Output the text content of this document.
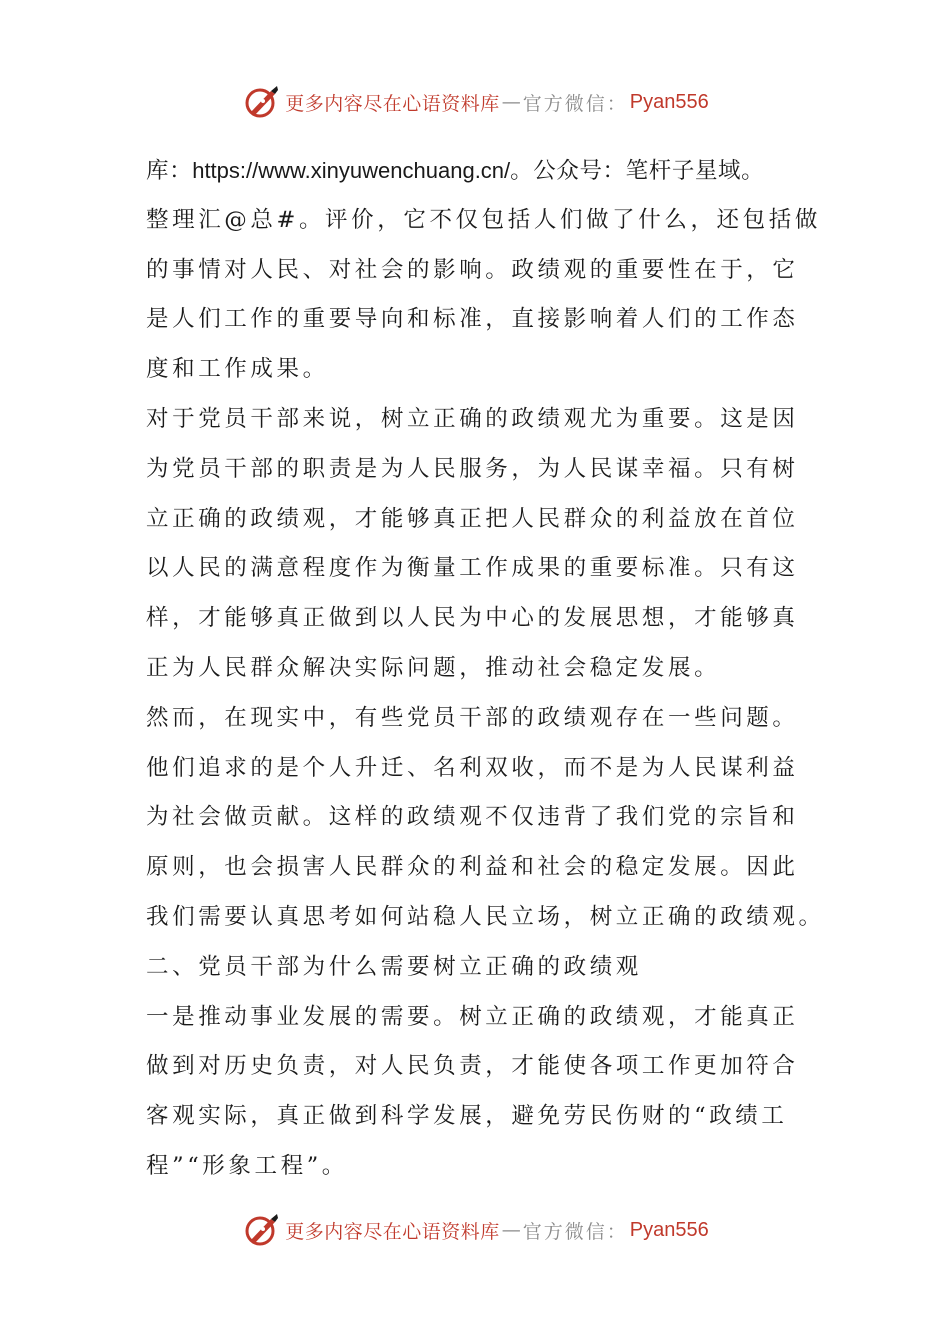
更多内容尽在心语资料库 — 官方微信： Pyan556
库：https://www.xinyuwenchuang.cn/。公众号：笔杆子星域。
整理汇@总#。评价，它不仅包括人们做了什么，还包括做
的事情对人民、对社会的影响。政绩观的重要性在于，它
是人们工作的重要导向和标准，直接影响着人们的工作态
度和工作成果。
对于党员干部来说，树立正确的政绩观尤为重要。这是因
为党员干部的职责是为人民服务，为人民谋幸福。只有树
立正确的政绩观，才能够真正把人民群众的利益放在首位
以人民的满意程度作为衡量工作成果的重要标准。只有这
样，才能够真正做到以人民为中心的发展思想，才能够真
正为人民群众解决实际问题，推动社会稳定发展。
然而，在现实中，有些党员干部的政绩观存在一些问题。
他们追求的是个人升迁、名利双收，而不是为人民谋利益
为社会做贡献。这样的政绩观不仅违背了我们党的宗旨和
原则，也会损害人民群众的利益和社会的稳定发展。因此
我们需要认真思考如何站稳人民立场，树立正确的政绩观。
二、党员干部为什么需要树立正确的政绩观
一是推动事业发展的需要。树立正确的政绩观，才能真正
做到对历史负责，对人民负责，才能使各项工作更加符合
客观实际，真正做到科学发展，避免劳民伤财的“政绩工
程”“形象工程”。
更多内容尽在心语资料库 — 官方微信： Pyan556
